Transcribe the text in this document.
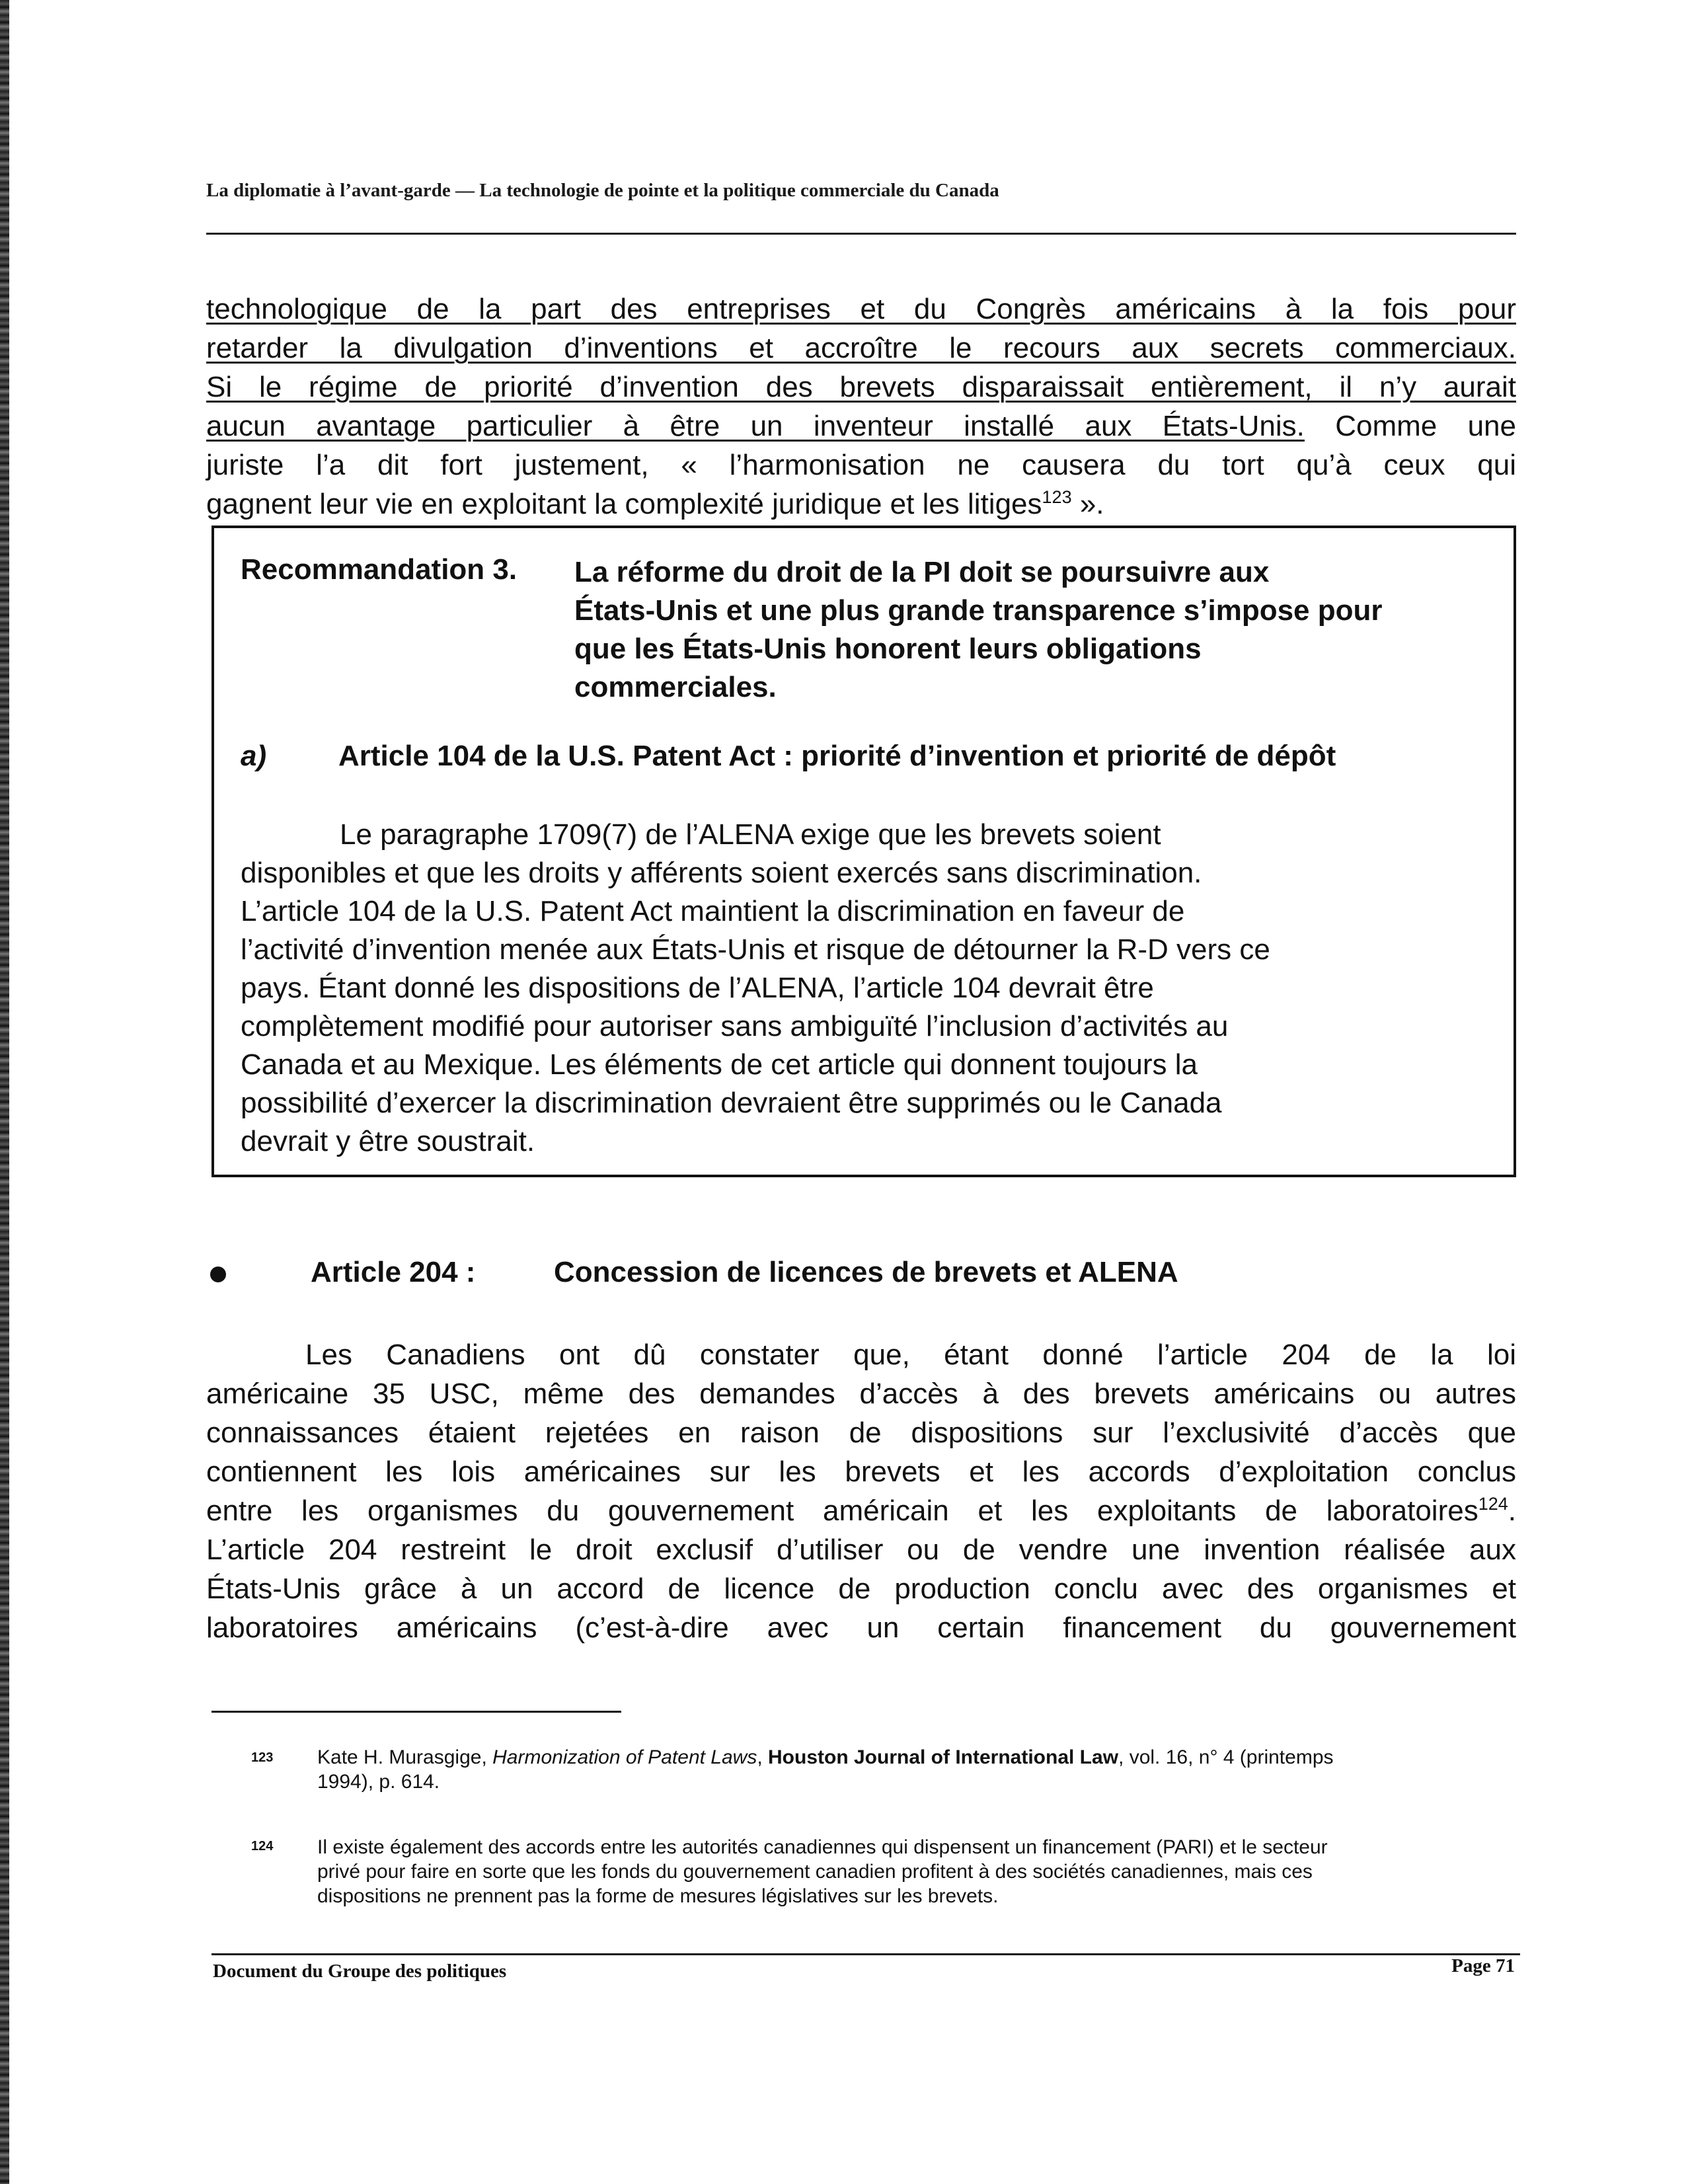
La diplomatie à l’avant-garde — La technologie de pointe et la politique commerciale du Canada
technologique de la part des entreprises et du Congrès américains à la fois pour
retarder la divulgation d’inventions et accroître le recours aux secrets commerciaux.
Si le régime de priorité d’invention des brevets disparaissait entièrement, il n’y aurait
aucun avantage particulier à être un inventeur installé aux États-Unis. Comme une
juriste l’a dit fort justement, « l’harmonisation ne causera du tort qu’à ceux qui
gagnent leur vie en exploitant la complexité juridique et les litiges$^{123}$ ».
Recommandation 3. La réforme du droit de la PI doit se poursuivre aux
États-Unis et une plus grande transparence s’impose pour
que les États-Unis honorent leurs obligations
commerciales.
a) Article 104 de la U.S. Patent Act : priorité d’invention et priorité de dépôt
Le paragraphe 1709(7) de l’ALENA exige que les brevets soient
disponibles et que les droits y afférents soient exercés sans discrimination.
L’article 104 de la U.S. Patent Act maintient la discrimination en faveur de
l’activité d’invention menée aux États-Unis et risque de détourner la R-D vers ce
pays. Étant donné les dispositions de l’ALENA, l’article 104 devrait être
complètement modifié pour autoriser sans ambiguïté l’inclusion d’activités au
Canada et au Mexique. Les éléments de cet article qui donnent toujours la
possibilité d’exercer la discrimination devraient être supprimés ou le Canada
devrait y être soustrait.
Article 204 :	Concession de licences de brevets et ALENA
Les Canadiens ont dû constater que, étant donné l’article 204 de la loi
américaine 35 USC, même des demandes d’accès à des brevets américains ou autres
connaissances étaient rejetées en raison de dispositions sur l’exclusivité d’accès que
contiennent les lois américaines sur les brevets et les accords d’exploitation conclus
entre les organismes du gouvernement américain et les exploitants de laboratoires$^{124}$.
L’article 204 restreint le droit exclusif d’utiliser ou de vendre une invention réalisée aux
États-Unis grâce à un accord de licence de production conclu avec des organismes et
laboratoires américains (c’est-à-dire avec un certain financement du gouvernement
123 Kate H. Murasgige, Harmonization of Patent Laws, Houston Journal of International Law, vol. 16, n° 4 (printemps
1994), p. 614.
124 Il existe également des accords entre les autorités canadiennes qui dispensent un financement (PARI) et le secteur
privé pour faire en sorte que les fonds du gouvernement canadien profitent à des sociétés canadiennes, mais ces
dispositions ne prennent pas la forme de mesures législatives sur les brevets.
Document du Groupe des politiques	Page 71
